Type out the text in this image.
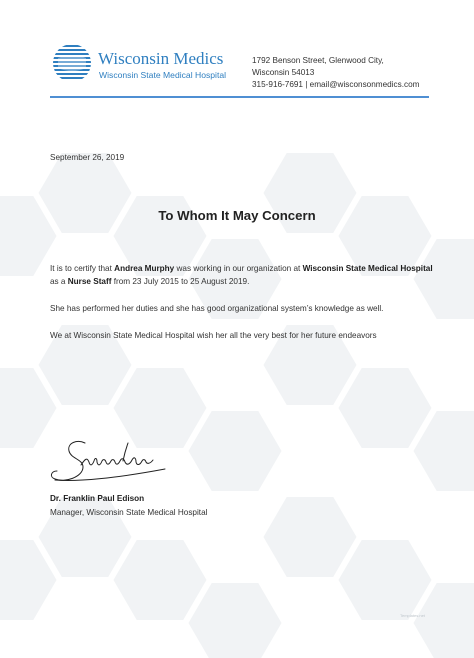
Wisconsin Medics
Wisconsin State Medical Hospital
1792 Benson Street, Glenwood City,
Wisconsin 54013
315-916-7691 | email@wisconsonmedics.com
September 26, 2019
To Whom It May Concern
It is to certify that Andrea Murphy was working in our organization at Wisconsin State Medical Hospital as a Nurse Staff from 23 July 2015 to 25 August 2019.
She has performed her duties and she has good organizational system’s knowledge as well.
We at Wisconsin State Medical Hospital wish her all the very best for her future endeavors
Dr. Franklin Paul Edison
Manager, Wisconsin State Medical Hospital
Templates.net
